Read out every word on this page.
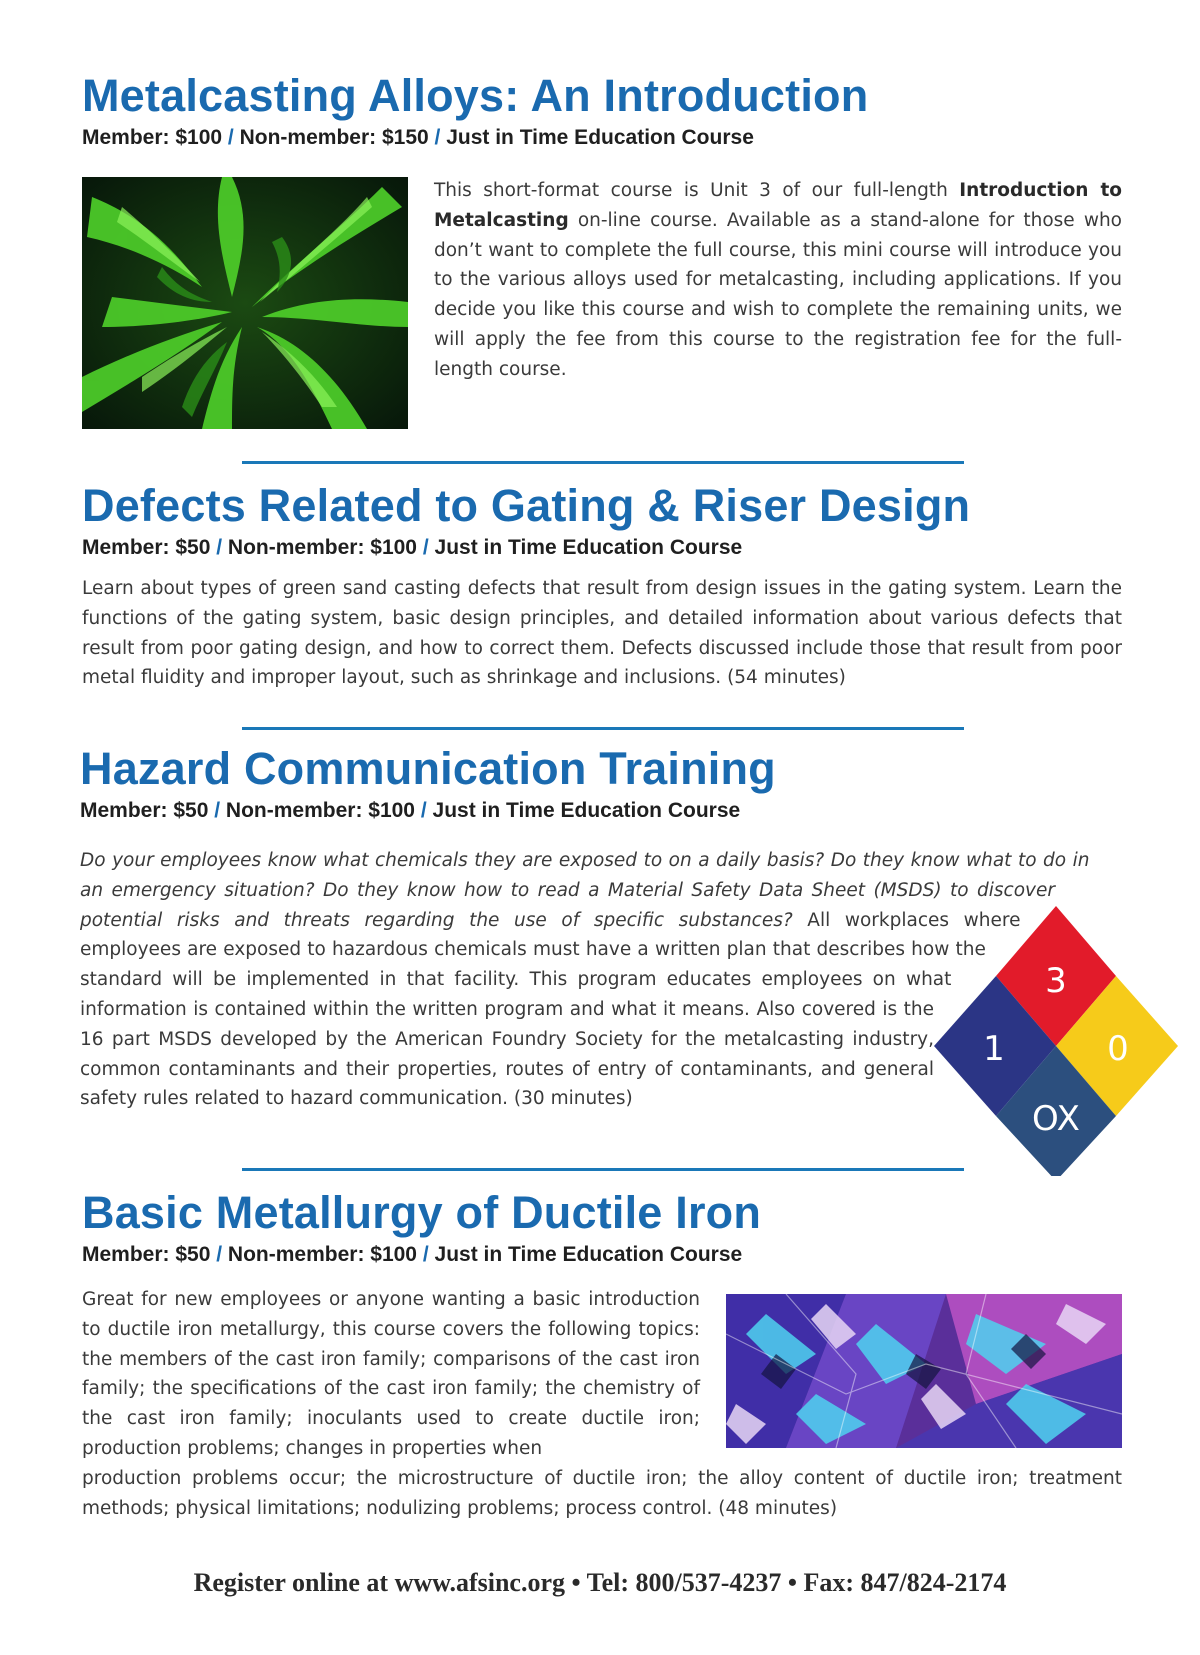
Metalcasting Alloys: An Introduction
Member: $100 / Non-member: $150 / Just in Time Education Course

This short-format course is Unit 3 of our full-length Introduction to Metalcasting on-line course. Available as a stand-alone for those who don’t want to complete the full course, this mini course will introduce you to the various alloys used for metalcasting, including applications. If you decide you like this course and wish to complete the remaining units, we will apply the fee from this course to the registration fee for the full-length course.

Defects Related to Gating & Riser Design
Member: $50 / Non-member: $100 / Just in Time Education Course

Learn about types of green sand casting defects that result from design issues in the gating system. Learn the functions of the gating system, basic design principles, and detailed information about various defects that result from poor gating design, and how to correct them. Defects discussed include those that result from poor metal fluidity and improper layout, such as shrinkage and inclusions. (54 minutes)

Hazard Communication Training
Member: $50 / Non-member: $100 / Just in Time Education Course
3
1	0
OX

Do your employees know what chemicals they are exposed to on a daily basis? Do they know what to do in an emergency situation? Do they know how to read a Material Safety Data Sheet (MSDS) to discover potential risks and threats regarding the use of specific substances? All workplaces where employees are exposed to hazardous chemicals must have a written plan that describes how the standard will be implemented in that facility. This program educates employees on what information is contained within the written program and what it means. Also covered is the 16 part MSDS developed by the American Foundry Society for the metalcasting industry, common contaminants and their properties, routes of entry of contaminants, and general safety rules related to hazard communication. (30 minutes)

Basic Metallurgy of Ductile Iron
Member: $50 / Non-member: $100 / Just in Time Education Course

Great for new employees or anyone wanting a basic introduction to ductile iron metallurgy, this course covers the following topics: the members of the cast iron family; comparisons of the cast iron family; the specifications of the cast iron family; the chemistry of the cast iron family; inoculants used to create ductile iron; production problems; changes in properties when

production problems occur; the microstructure of ductile iron; the alloy content of ductile iron; treatment methods; physical limitations; nodulizing problems; process control. (48 minutes)

Register online at www.afsinc.org • Tel: 800/537-4237 • Fax: 847/824-2174
